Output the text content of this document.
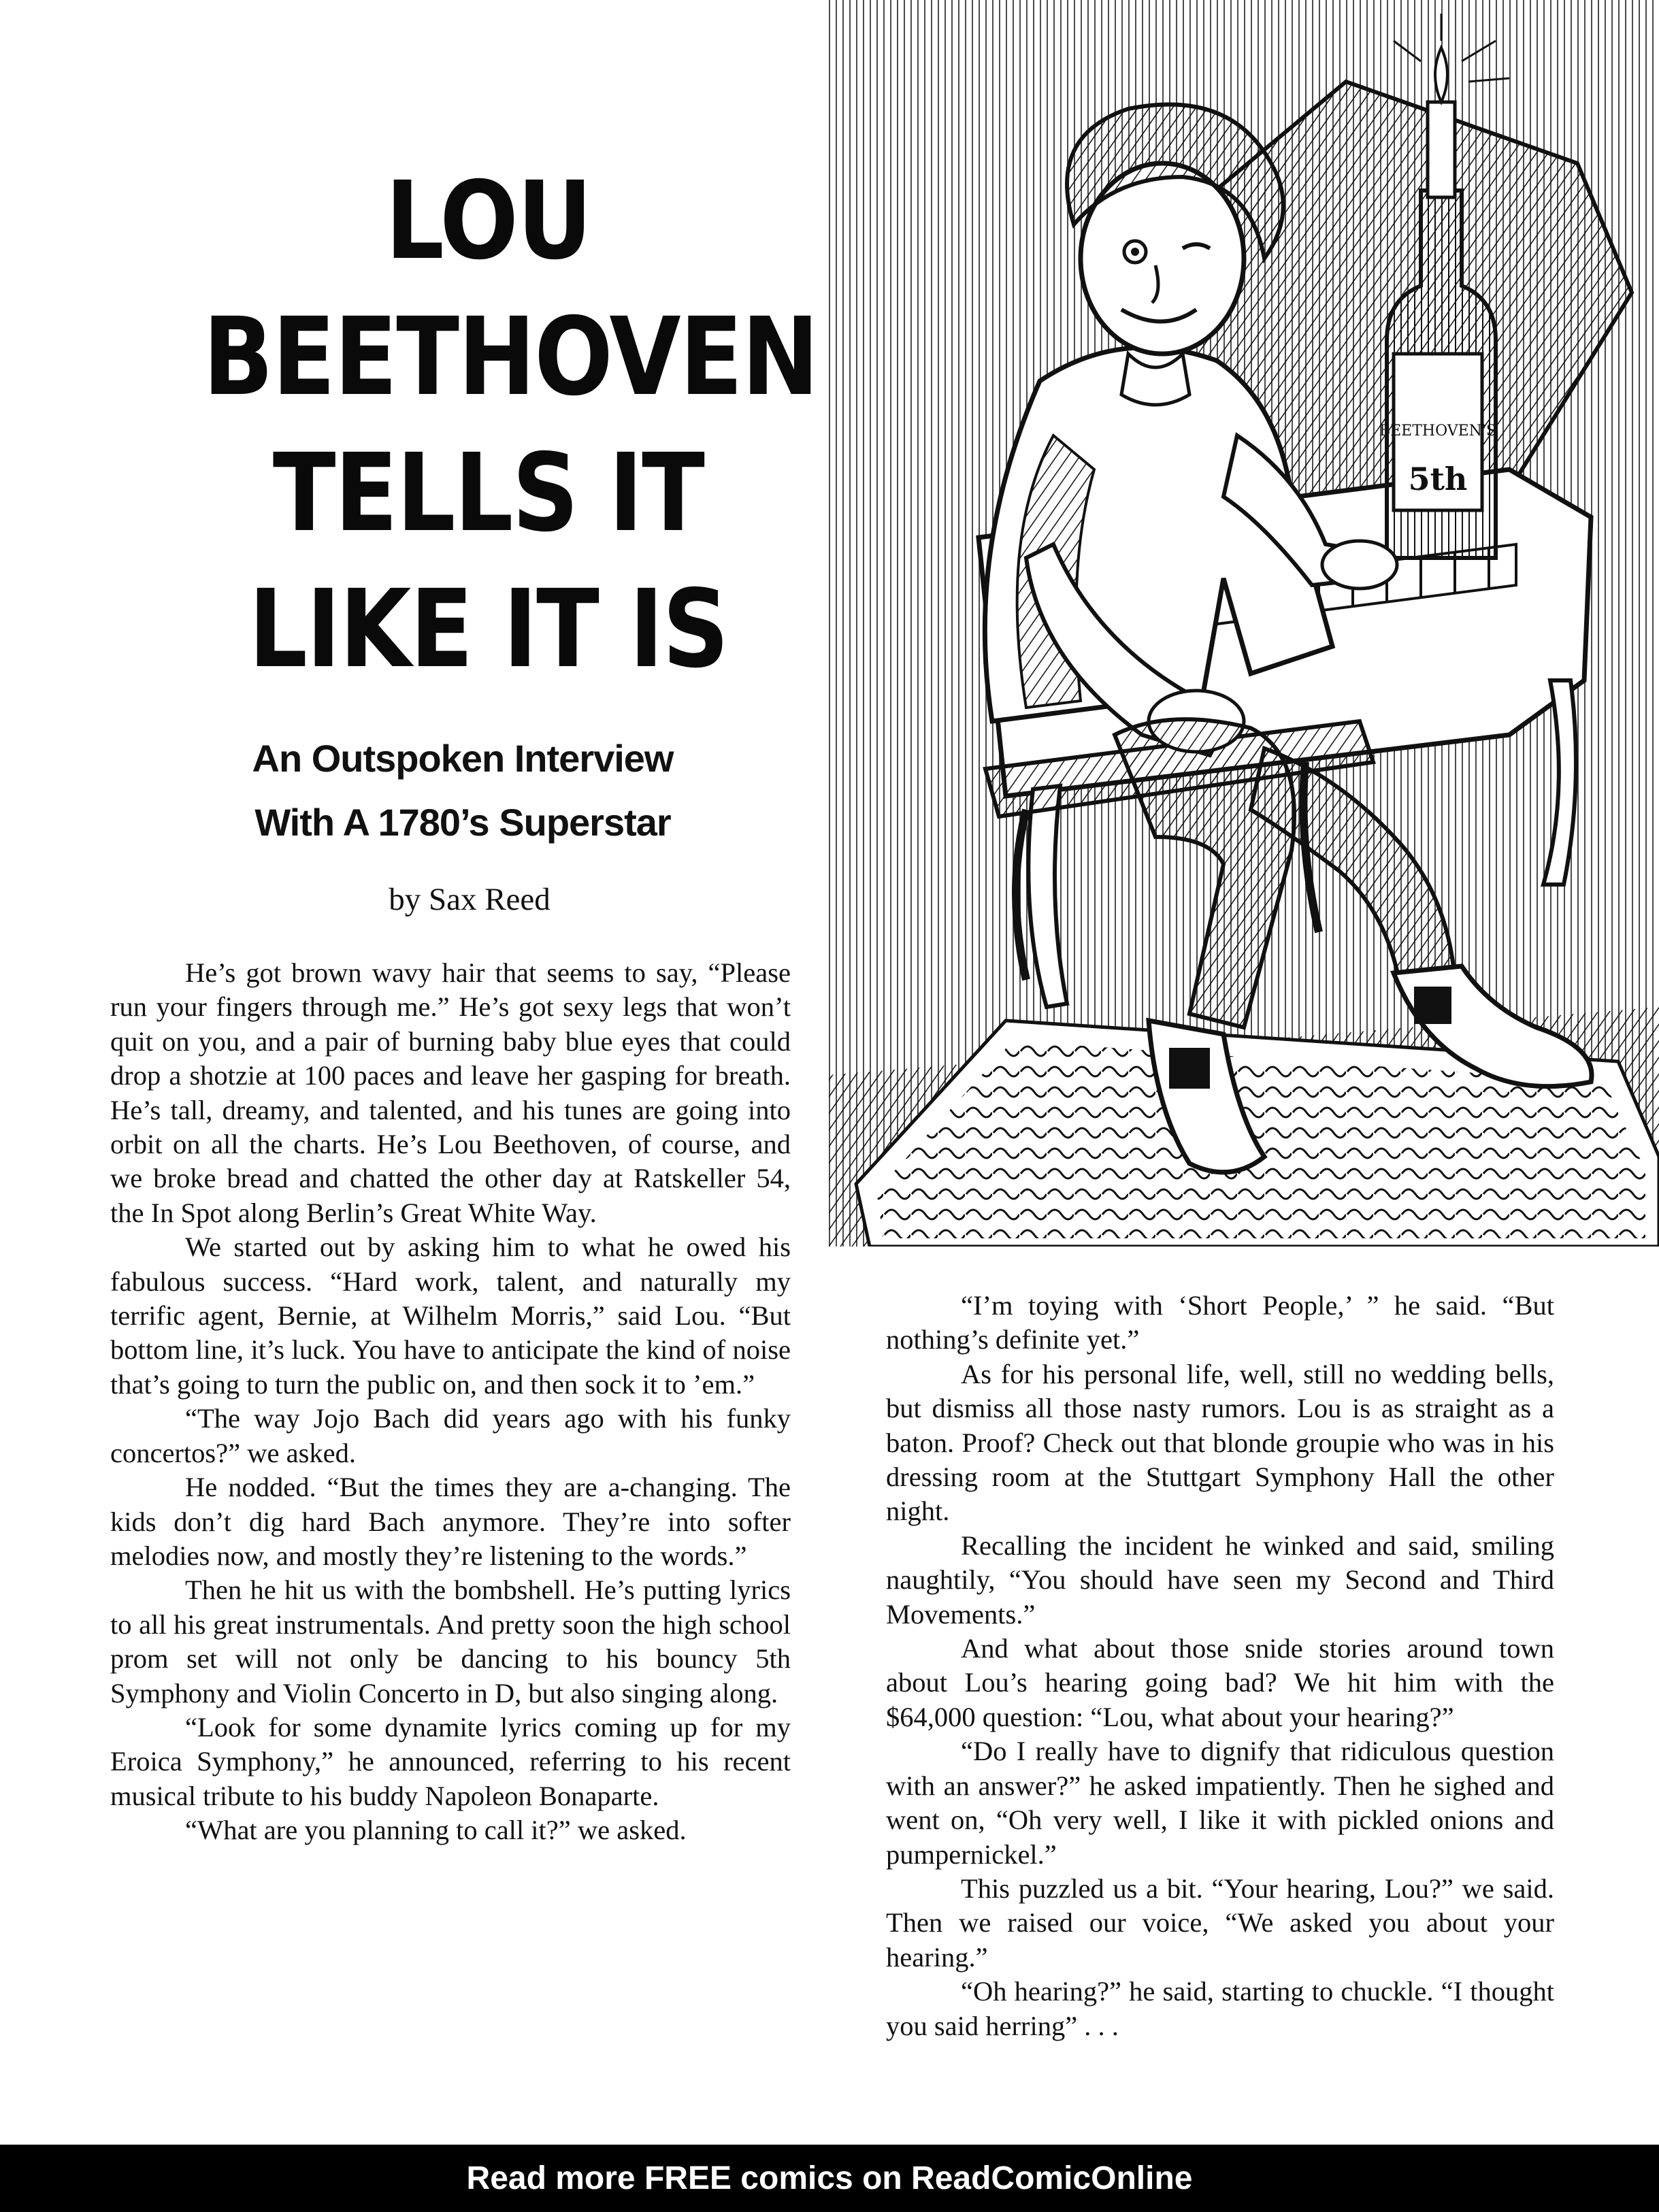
LOU
BEETHOVEN
TELLS IT
LIKE IT IS
An Outspoken Interview
With A 1780’s Superstar
by Sax Reed
BEETHOVEN'S
5th

He’s got brown wavy hair that seems to say, “Please run your fingers through me.” He’s got sexy legs that won’t quit on you, and a pair of burning baby blue eyes that could drop a shotzie at 100 paces and leave her gasping for breath. He’s tall, dreamy, and talented, and his tunes are going into orbit on all the charts. He’s Lou Beethoven, of course, and we broke bread and chatted the other day at Ratskeller 54, the In Spot along Berlin’s Great White Way.

We started out by asking him to what he owed his fabulous success. “Hard work, talent, and naturally my terrific agent, Bernie, at Wilhelm Morris,” said Lou. “But bottom line, it’s luck. You have to anticipate the kind of noise that’s going to turn the public on, and then sock it to ’em.”

“The way Jojo Bach did years ago with his funky concertos?” we asked.

He nodded. “But the times they are a-changing. The kids don’t dig hard Bach anymore. They’re into softer melodies now, and mostly they’re listening to the words.”

Then he hit us with the bombshell. He’s putting lyrics to all his great instrumentals. And pretty soon the high school prom set will not only be dancing to his bouncy 5th Symphony and Violin Concerto in D, but also singing along.

“Look for some dynamite lyrics coming up for my Eroica Symphony,” he announced, referring to his recent musical tribute to his buddy Napoleon Bonaparte.

“What are you planning to call it?” we asked.

“I’m toying with ‘Short People,’ ” he said. “But nothing’s definite yet.”

As for his personal life, well, still no wedding bells, but dismiss all those nasty rumors. Lou is as straight as a baton. Proof? Check out that blonde groupie who was in his dressing room at the Stuttgart Symphony Hall the other night.

Recalling the incident he winked and said, smiling naughtily, “You should have seen my Second and Third Movements.”

And what about those snide stories around town about Lou’s hearing going bad? We hit him with the $64,000 question: “Lou, what about your hearing?”

“Do I really have to dignify that ridiculous question with an answer?” he asked impatiently. Then he sighed and went on, “Oh very well, I like it with pickled onions and pumpernickel.”

This puzzled us a bit. “Your hearing, Lou?” we said. Then we raised our voice, “We asked you about your hearing.”

“Oh hearing?” he said, starting to chuckle. “I thought you said herring” . . .

Read more FREE comics on ReadComicOnline
